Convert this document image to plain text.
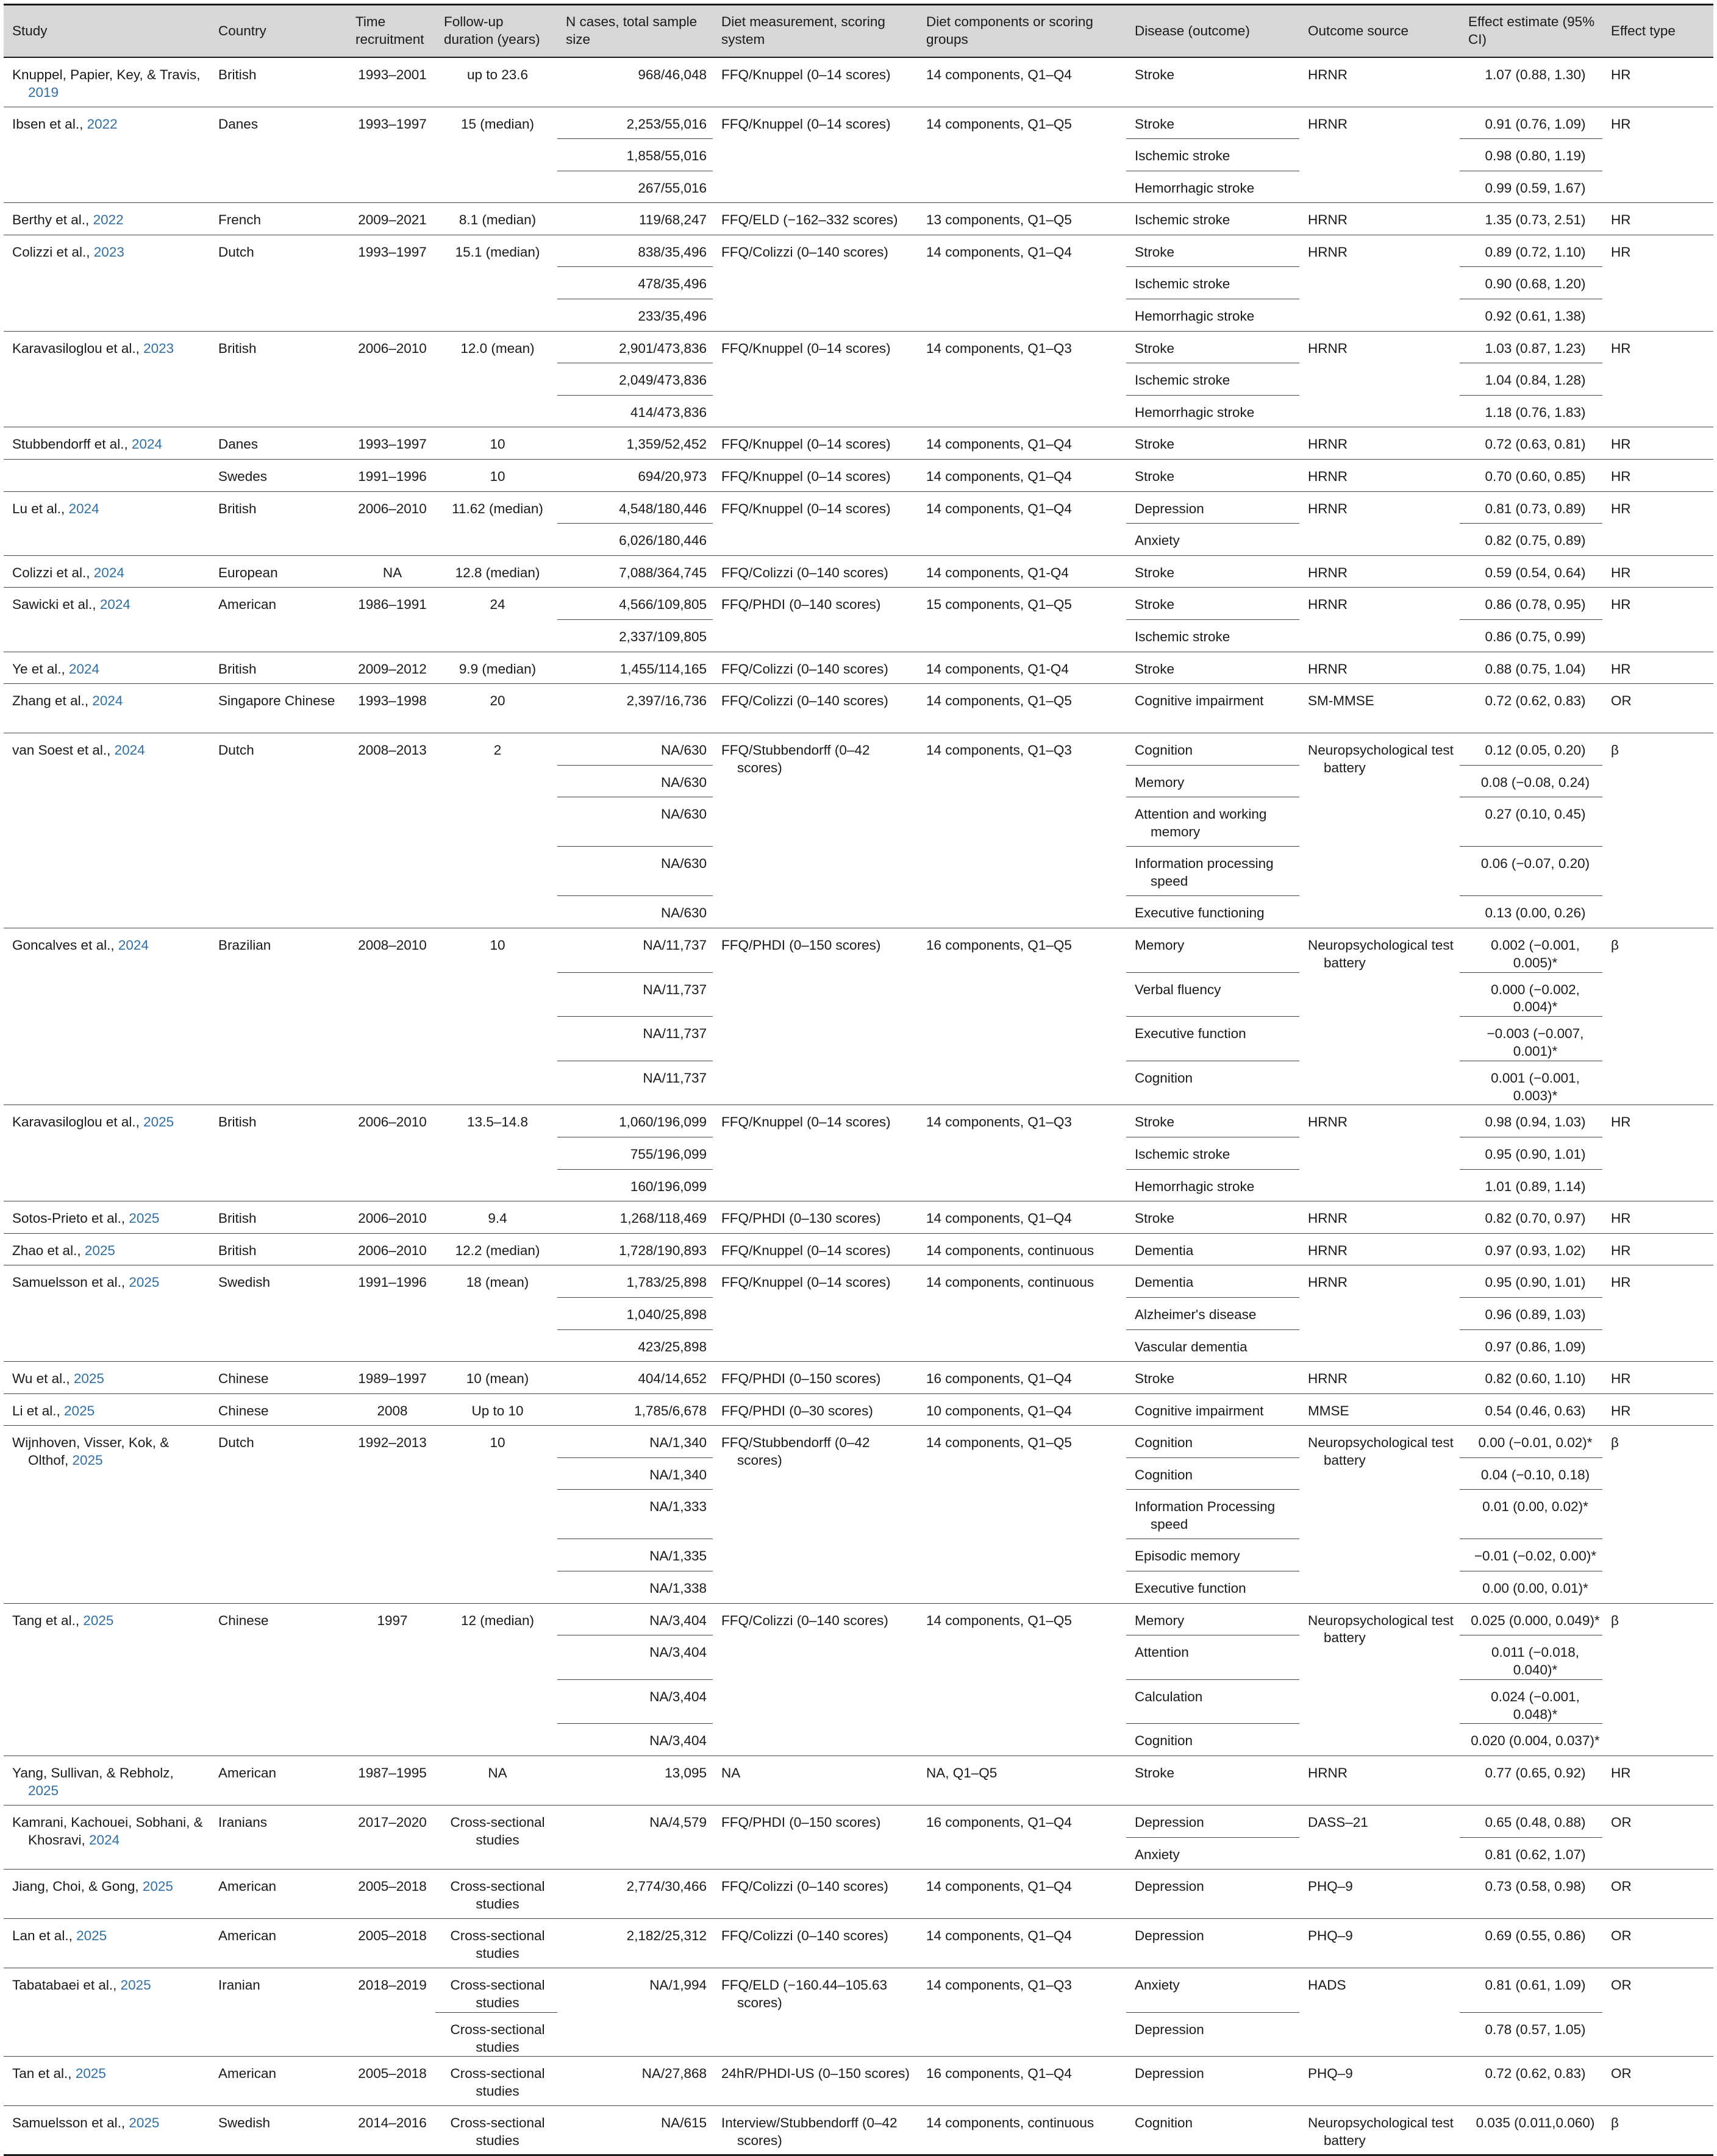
Study	Country	Time recruitment	Follow-up duration (years)	N cases, total sample size	Diet measurement, scoring system	Diet components or scoring groups	Disease (outcome)	Outcome source	Effect estimate (95% CI)	Effect type

Knuppel, Papier, Key, & Travis, 2019	British	1993–2001	up to 23.6	968/46,048	FFQ/Knuppel (0–14 scores)	14 components, Q1–Q4	Stroke	HRNR	1.07 (0.88, 1.30)	HR

Ibsen et al., 2022	Danes	1993–1997	15 (median)	2,253/55,016	FFQ/Knuppel (0–14 scores)	14 components, Q1–Q5	Stroke	HRNR	0.91 (0.76, 1.09)	HR

				1,858/55,016			Ischemic stroke		0.98 (0.80, 1.19)	

				267/55,016			Hemorrhagic stroke		0.99 (0.59, 1.67)	

Berthy et al., 2022	French	2009–2021	8.1 (median)	119/68,247	FFQ/ELD (−162–332 scores)	13 components, Q1–Q5	Ischemic stroke	HRNR	1.35 (0.73, 2.51)	HR

Colizzi et al., 2023	Dutch	1993–1997	15.1 (median)	838/35,496	FFQ/Colizzi (0–140 scores)	14 components, Q1–Q4	Stroke	HRNR	0.89 (0.72, 1.10)	HR

				478/35,496			Ischemic stroke		0.90 (0.68, 1.20)	

				233/35,496			Hemorrhagic stroke		0.92 (0.61, 1.38)	

Karavasiloglou et al., 2023	British	2006–2010	12.0 (mean)	2,901/473,836	FFQ/Knuppel (0–14 scores)	14 components, Q1–Q3	Stroke	HRNR	1.03 (0.87, 1.23)	HR

				2,049/473,836			Ischemic stroke		1.04 (0.84, 1.28)	

				414/473,836			Hemorrhagic stroke		1.18 (0.76, 1.83)	

Stubbendorff et al., 2024	Danes	1993–1997	10	1,359/52,452	FFQ/Knuppel (0–14 scores)	14 components, Q1–Q4	Stroke	HRNR	0.72 (0.63, 0.81)	HR

	Swedes	1991–1996	10	694/20,973	FFQ/Knuppel (0–14 scores)	14 components, Q1–Q4	Stroke	HRNR	0.70 (0.60, 0.85)	HR

Lu et al., 2024	British	2006–2010	11.62 (median)	4,548/180,446	FFQ/Knuppel (0–14 scores)	14 components, Q1–Q4	Depression	HRNR	0.81 (0.73, 0.89)	HR

				6,026/180,446			Anxiety		0.82 (0.75, 0.89)	

Colizzi et al., 2024	European	NA	12.8 (median)	7,088/364,745	FFQ/Colizzi (0–140 scores)	14 components, Q1-Q4	Stroke	HRNR	0.59 (0.54, 0.64)	HR

Sawicki et al., 2024	American	1986–1991	24	4,566/109,805	FFQ/PHDI (0–140 scores)	15 components, Q1–Q5	Stroke	HRNR	0.86 (0.78, 0.95)	HR

				2,337/109,805			Ischemic stroke		0.86 (0.75, 0.99)	

Ye et al., 2024	British	2009–2012	9.9 (median)	1,455/114,165	FFQ/Colizzi (0–140 scores)	14 components, Q1-Q4	Stroke	HRNR	0.88 (0.75, 1.04)	HR

Zhang et al., 2024	Singapore Chinese	1993–1998	20	2,397/16,736	FFQ/Colizzi (0–140 scores)	14 components, Q1–Q5	Cognitive impairment	SM-MMSE	0.72 (0.62, 0.83)	OR

van Soest et al., 2024	Dutch	2008–2013	2	NA/630	FFQ/Stubbendorff (0–42 scores)	14 components, Q1–Q3	Cognition	Neuropsychological test battery	0.12 (0.05, 0.20)	β

				NA/630			Memory		0.08 (−0.08, 0.24)	

				NA/630			Attention and working memory		0.27 (0.10, 0.45)	

				NA/630			Information processing speed		0.06 (−0.07, 0.20)	

				NA/630			Executive functioning		0.13 (0.00, 0.26)	

Goncalves et al., 2024	Brazilian	2008–2010	10	NA/11,737	FFQ/PHDI (0–150 scores)	16 components, Q1–Q5	Memory	Neuropsychological test battery	0.002 (−0.001, 0.005)*	β

				NA/11,737			Verbal fluency		0.000 (−0.002, 0.004)*	

				NA/11,737			Executive function		−0.003 (−0.007, 0.001)*	

				NA/11,737			Cognition		0.001 (−0.001, 0.003)*	

Karavasiloglou et al., 2025	British	2006–2010	13.5–14.8	1,060/196,099	FFQ/Knuppel (0–14 scores)	14 components, Q1–Q3	Stroke	HRNR	0.98 (0.94, 1.03)	HR

				755/196,099			Ischemic stroke		0.95 (0.90, 1.01)	

				160/196,099			Hemorrhagic stroke		1.01 (0.89, 1.14)	

Sotos-Prieto et al., 2025	British	2006–2010	9.4	1,268/118,469	FFQ/PHDI (0–130 scores)	14 components, Q1–Q4	Stroke	HRNR	0.82 (0.70, 0.97)	HR

Zhao et al., 2025	British	2006–2010	12.2 (median)	1,728/190,893	FFQ/Knuppel (0–14 scores)	14 components, continuous	Dementia	HRNR	0.97 (0.93, 1.02)	HR

Samuelsson et al., 2025	Swedish	1991–1996	18 (mean)	1,783/25,898	FFQ/Knuppel (0–14 scores)	14 components, continuous	Dementia	HRNR	0.95 (0.90, 1.01)	HR

				1,040/25,898			Alzheimer's disease		0.96 (0.89, 1.03)	

				423/25,898			Vascular dementia		0.97 (0.86, 1.09)	

Wu et al., 2025	Chinese	1989–1997	10 (mean)	404/14,652	FFQ/PHDI (0–150 scores)	16 components, Q1–Q4	Stroke	HRNR	0.82 (0.60, 1.10)	HR

Li et al., 2025	Chinese	2008	Up to 10	1,785/6,678	FFQ/PHDI (0–30 scores)	10 components, Q1–Q4	Cognitive impairment	MMSE	0.54 (0.46, 0.63)	HR

Wijnhoven, Visser, Kok, & Olthof, 2025	Dutch	1992–2013	10	NA/1,340	FFQ/Stubbendorff (0–42 scores)	14 components, Q1–Q5	Cognition	Neuropsychological test battery	0.00 (−0.01, 0.02)*	β

				NA/1,340			Cognition		0.04 (−0.10, 0.18)	

				NA/1,333			Information Processing speed		0.01 (0.00, 0.02)*	

				NA/1,335			Episodic memory		−0.01 (−0.02, 0.00)*	

				NA/1,338			Executive function		0.00 (0.00, 0.01)*	

Tang et al., 2025	Chinese	1997	12 (median)	NA/3,404	FFQ/Colizzi (0–140 scores)	14 components, Q1–Q5	Memory	Neuropsychological test battery	0.025 (0.000, 0.049)*	β

				NA/3,404			Attention		0.011 (−0.018, 0.040)*	

				NA/3,404			Calculation		0.024 (−0.001, 0.048)*	

				NA/3,404			Cognition		0.020 (0.004, 0.037)*	

Yang, Sullivan, & Rebholz, 2025	American	1987–1995	NA	13,095	NA	NA, Q1–Q5	Stroke	HRNR	0.77 (0.65, 0.92)	HR

Kamrani, Kachouei, Sobhani, & Khosravi, 2024	Iranians	2017–2020	Cross-sectional studies	NA/4,579	FFQ/PHDI (0–150 scores)	16 components, Q1–Q4	Depression	DASS–21	0.65 (0.48, 0.88)	OR

							Anxiety		0.81 (0.62, 1.07)	

Jiang, Choi, & Gong, 2025	American	2005–2018	Cross-sectional studies	2,774/30,466	FFQ/Colizzi (0–140 scores)	14 components, Q1–Q4	Depression	PHQ–9	0.73 (0.58, 0.98)	OR

Lan et al., 2025	American	2005–2018	Cross-sectional studies	2,182/25,312	FFQ/Colizzi (0–140 scores)	14 components, Q1–Q4	Depression	PHQ–9	0.69 (0.55, 0.86)	OR

Tabatabaei et al., 2025	Iranian	2018–2019	Cross-sectional studies	NA/1,994	FFQ/ELD (−160.44–105.63 scores)	14 components, Q1–Q3	Anxiety	HADS	0.81 (0.61, 1.09)	OR

			Cross-sectional studies				Depression		0.78 (0.57, 1.05)	

Tan et al., 2025	American	2005–2018	Cross-sectional studies	NA/27,868	24hR/PHDI-US (0–150 scores)	16 components, Q1–Q4	Depression	PHQ–9	0.72 (0.62, 0.83)	OR

Samuelsson et al., 2025	Swedish	2014–2016	Cross-sectional studies	NA/615	Interview/Stubbendorff (0–42 scores)	14 components, continuous	Cognition	Neuropsychological test battery	0.035 (0.011,0.060)	β
